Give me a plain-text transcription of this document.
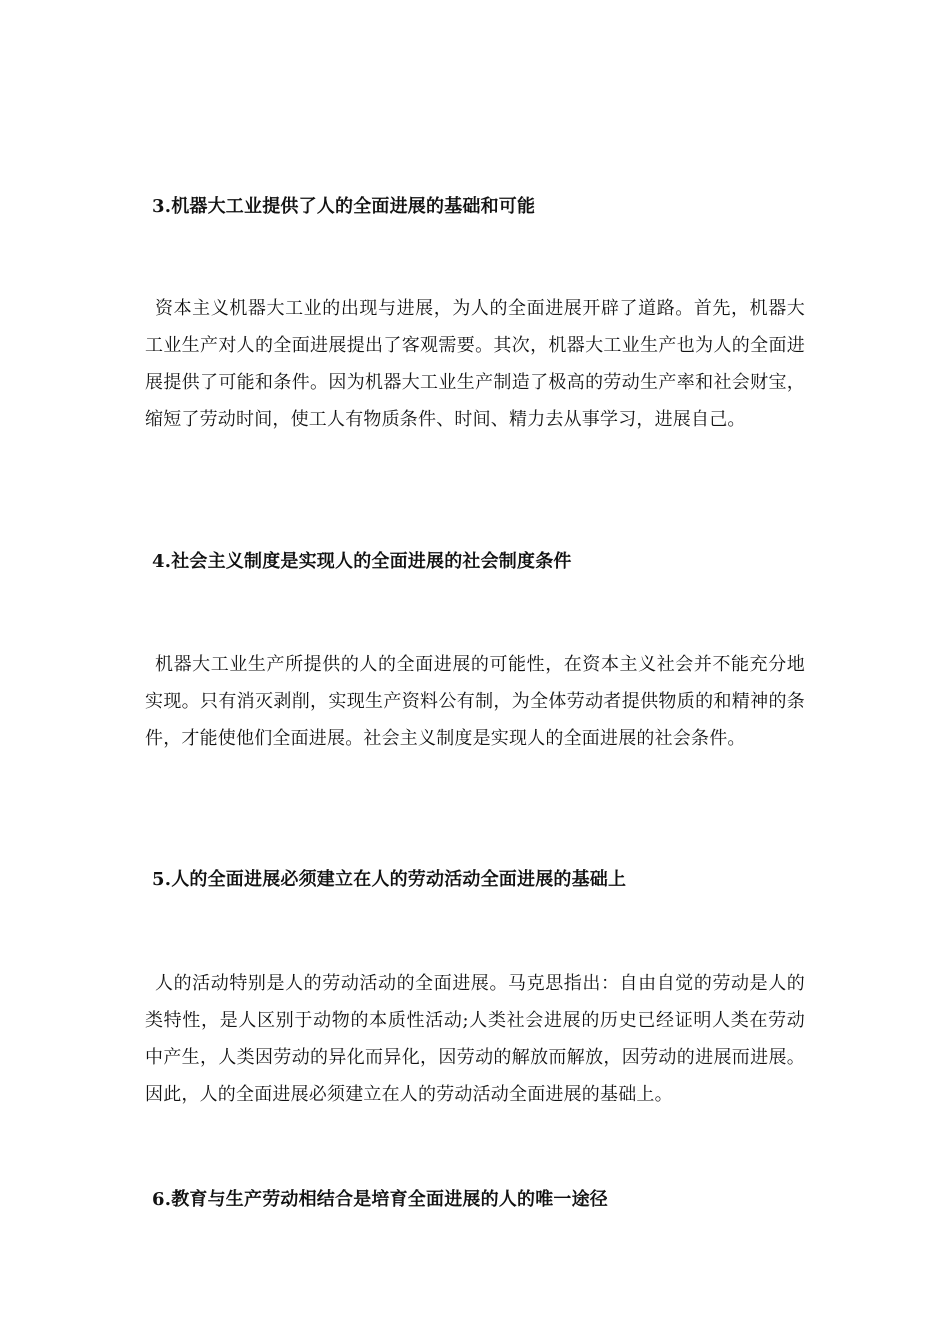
3.机器大工业提供了人的全面进展的基础和可能

资本主义机器大工业的出现与进展，为人的全面进展开辟了道路。首先，机器大工业生产对人的全面进展提出了客观需要。其次，机器大工业生产也为人的全面进展提供了可能和条件。因为机器大工业生产制造了极高的劳动生产率和社会财宝，缩短了劳动时间，使工人有物质条件、时间、精力去从事学习，进展自己。

4.社会主义制度是实现人的全面进展的社会制度条件

机器大工业生产所提供的人的全面进展的可能性，在资本主义社会并不能充分地实现。只有消灭剥削，实现生产资料公有制，为全体劳动者提供物质的和精神的条件，才能使他们全面进展。社会主义制度是实现人的全面进展的社会条件。

5.人的全面进展必须建立在人的劳动活动全面进展的基础上

人的活动特别是人的劳动活动的全面进展。马克思指出：自由自觉的劳动是人的类特性，是人区别于动物的本质性活动;人类社会进展的历史已经证明人类在劳动中产生，人类因劳动的异化而异化，因劳动的解放而解放，因劳动的进展而进展。因此，人的全面进展必须建立在人的劳动活动全面进展的基础上。

6.教育与生产劳动相结合是培育全面进展的人的唯一途径
